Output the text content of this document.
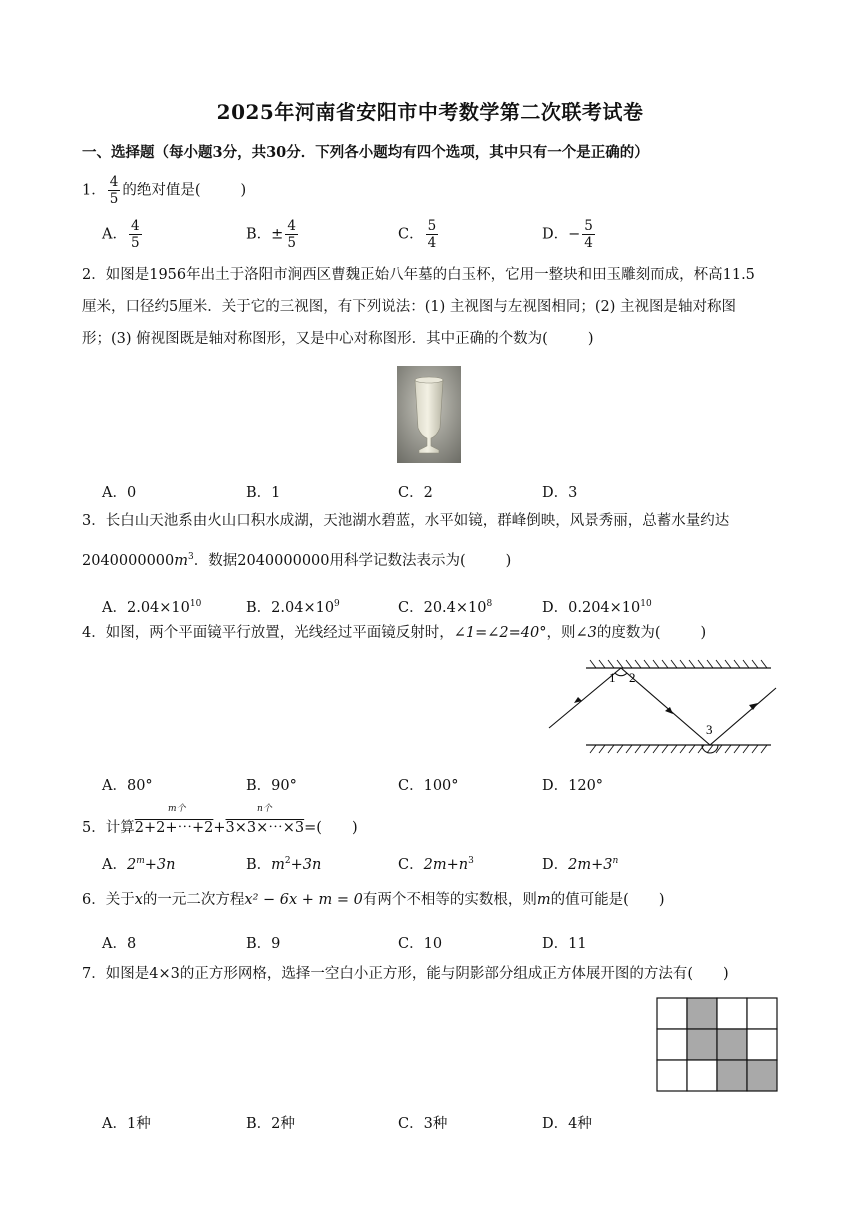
2025年河南省安阳市中考数学第二次联考试卷
一、选择题（每小题3分，共30分．下列各小题均有四个选项，其中只有一个是正确的）
1． $\frac{4}{5}$ 的绝对值是(	)
A． $\frac{4}{5}$	B．± $\frac{4}{5}$	C． $\frac{5}{4}$	D．− $\frac{5}{4}$
2．如图是1956年出土于洛阳市涧西区曹魏正始八年墓的白玉杯，它用一整块和田玉雕刻而成，杯高11.5
厘米，口径约5厘米．关于它的三视图，有下列说法：(1) 主视图与左视图相同；(2) 主视图是轴对称图
形；(3) 俯视图既是轴对称图形，又是中心对称图形．其中正确的个数为(	)
A．0	B．1	C．2	D．3
3．长白山天池系由火山口积水成湖，天池湖水碧蓝，水平如镜，群峰倒映，风景秀丽，总蓄水量约达
$2040000000m^3$．数据2040000000用科学记数法表示为(	)
A．$2.04\times 10^{10}$	B．$2.04\times 10^9$	C．$20.4\times 10^8$	D．$0.204\times 10^{10}$
4．如图，两个平面镜平行放置，光线经过平面镜反射时，∠1=∠2=40°，则∠3的度数为(	)
1 2
3
A．80°	B．90°	C．100°	D．120°
m个	n个
5．计算2+2+⋯+2+3×3×⋯×3=( )
A．$2^m+3n$	B．$m^2+3n$	C．$2m+n^3$	D．$2m+3^n$
6．关于x的一元二次方程x² − 6x + m = 0有两个不相等的实数根，则m的值可能是( )
A．8	B．9	C．10	D．11
7．如图是4×3的正方形网格，选择一空白小正方形，能与阴影部分组成正方体展开图的方法有( )
A．1种	B．2种	C．3种	D．4种
